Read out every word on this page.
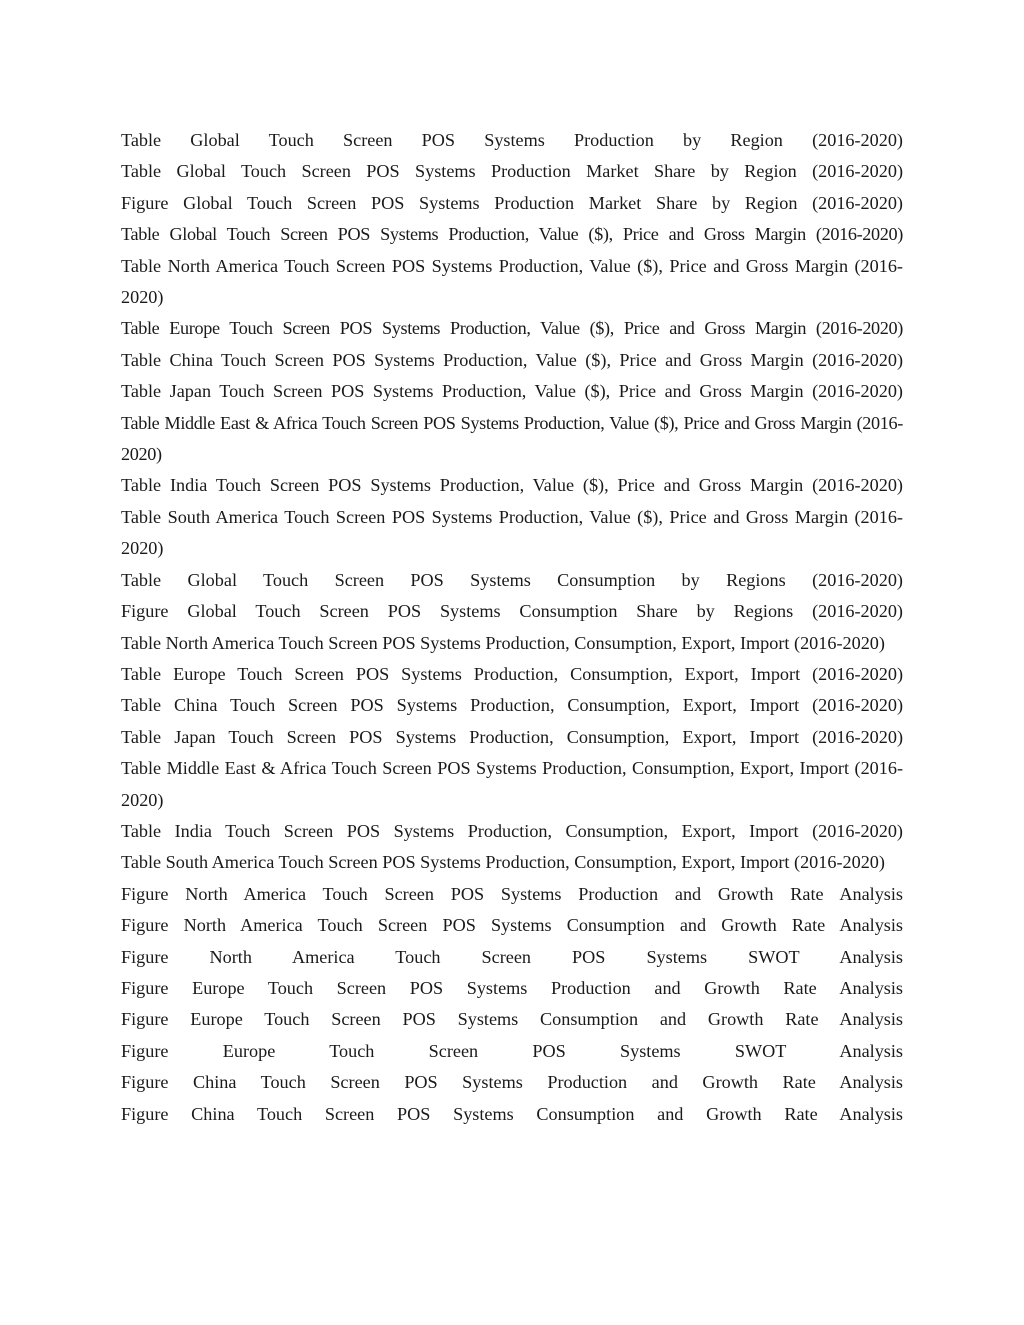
Table Global Touch Screen POS Systems Production by Region (2016-2020)
Table Global Touch Screen POS Systems Production Market Share by Region (2016-2020)
Figure Global Touch Screen POS Systems Production Market Share by Region (2016-2020)
Table Global Touch Screen POS Systems Production, Value ($), Price and Gross Margin (2016-2020)
Table North America Touch Screen POS Systems Production, Value ($), Price and Gross Margin (2016-2020)
Table Europe Touch Screen POS Systems Production, Value ($), Price and Gross Margin (2016-2020)
Table China Touch Screen POS Systems Production, Value ($), Price and Gross Margin (2016-2020)
Table Japan Touch Screen POS Systems Production, Value ($), Price and Gross Margin (2016-2020)
Table Middle East & Africa Touch Screen POS Systems Production, Value ($), Price and Gross Margin (2016-2020)
Table India Touch Screen POS Systems Production, Value ($), Price and Gross Margin (2016-2020)
Table South America Touch Screen POS Systems Production, Value ($), Price and Gross Margin (2016-2020)
Table Global Touch Screen POS Systems Consumption by Regions (2016-2020)
Figure Global Touch Screen POS Systems Consumption Share by Regions (2016-2020)
Table North America Touch Screen POS Systems Production, Consumption, Export, Import (2016-2020)
Table Europe Touch Screen POS Systems Production, Consumption, Export, Import (2016-2020)
Table China Touch Screen POS Systems Production, Consumption, Export, Import (2016-2020)
Table Japan Touch Screen POS Systems Production, Consumption, Export, Import (2016-2020)
Table Middle East & Africa Touch Screen POS Systems Production, Consumption, Export, Import (2016-2020)
Table India Touch Screen POS Systems Production, Consumption, Export, Import (2016-2020)
Table South America Touch Screen POS Systems Production, Consumption, Export, Import (2016-2020)
Figure North America Touch Screen POS Systems Production and Growth Rate Analysis
Figure North America Touch Screen POS Systems Consumption and Growth Rate Analysis
Figure North America Touch Screen POS Systems SWOT Analysis
Figure Europe Touch Screen POS Systems Production and Growth Rate Analysis
Figure Europe Touch Screen POS Systems Consumption and Growth Rate Analysis
Figure Europe Touch Screen POS Systems SWOT Analysis
Figure China Touch Screen POS Systems Production and Growth Rate Analysis
Figure China Touch Screen POS Systems Consumption and Growth Rate Analysis
